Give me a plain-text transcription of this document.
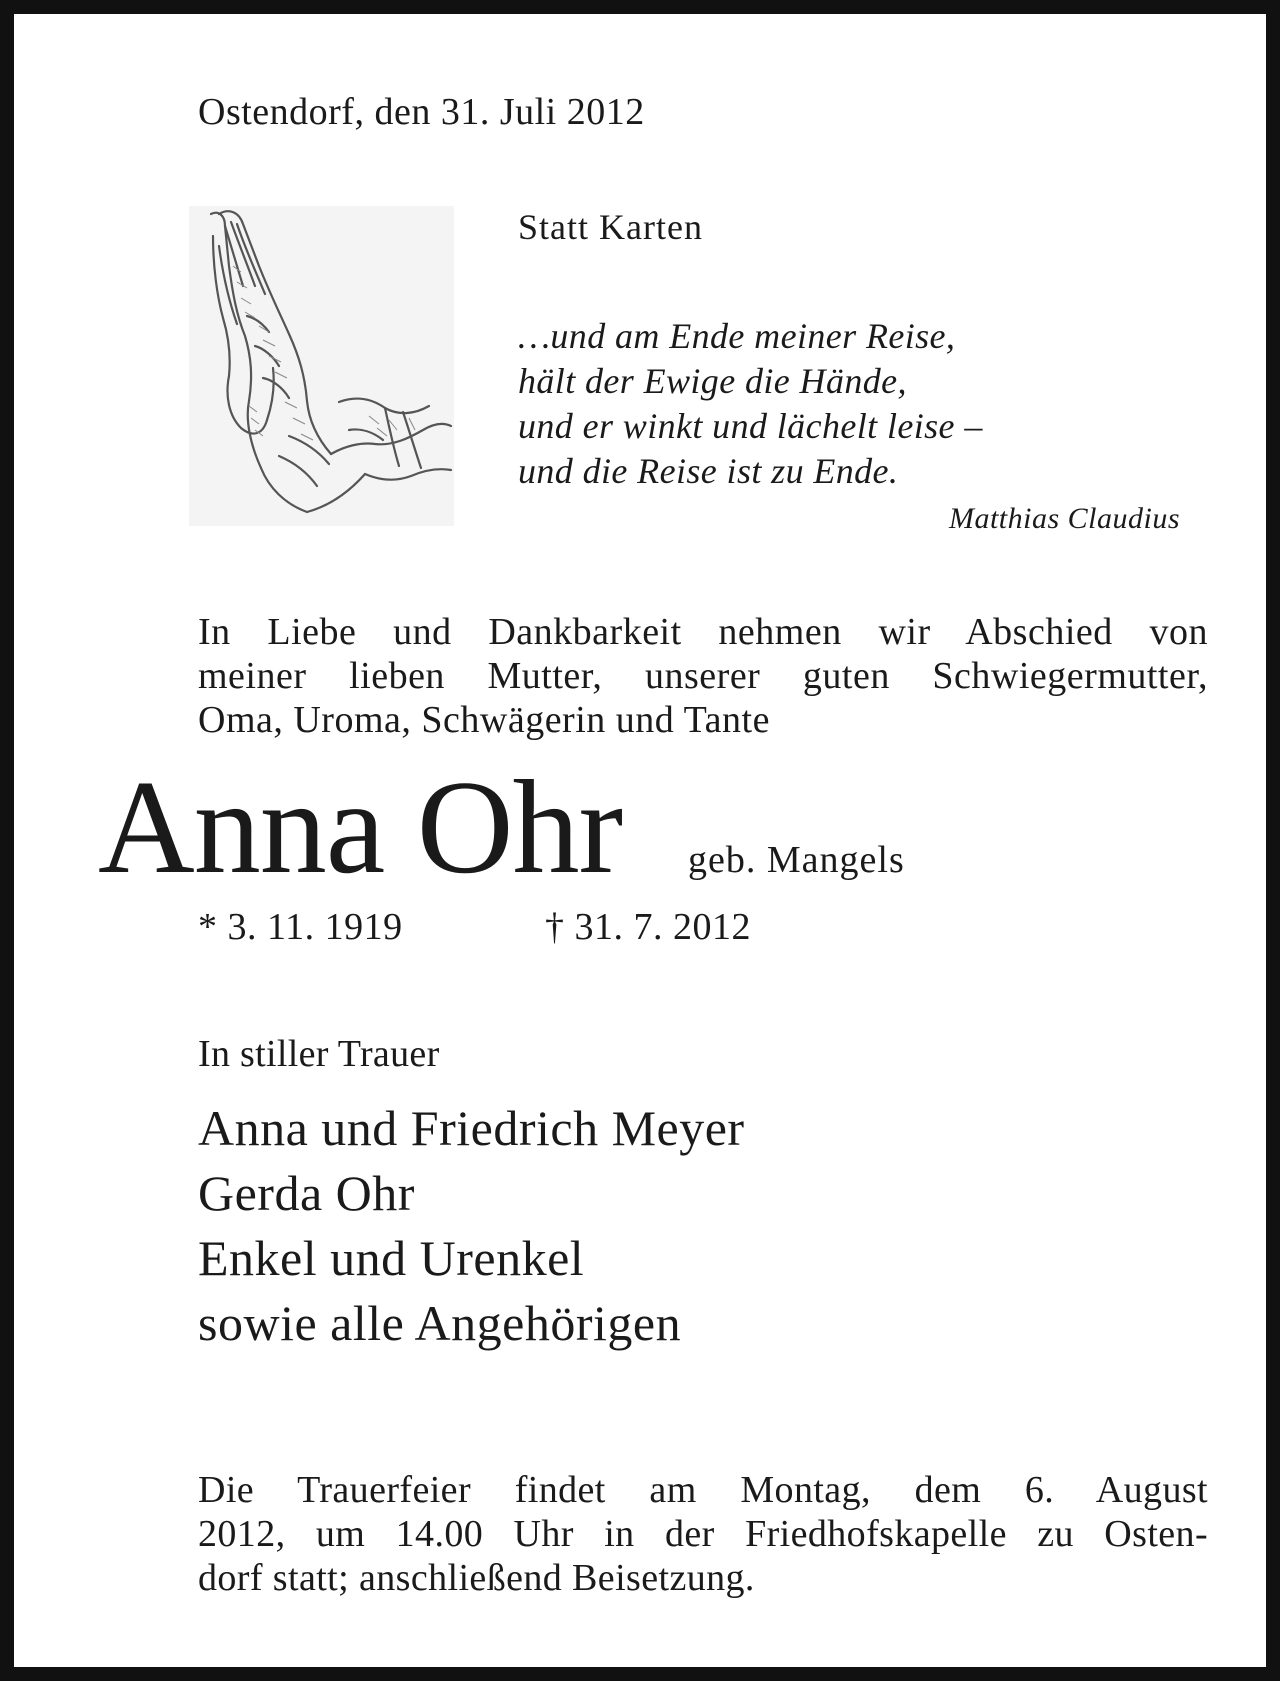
Ostendorf, den 31. Juli 2012

Statt Karten

…und am Ende meiner Reise,
hält der Ewige die Hände,
und er winkt und lächelt leise –
und die Reise ist zu Ende.

Matthias Claudius

In Liebe und Dankbarkeit nehmen wir Abschied von
meiner lieben Mutter, unserer guten Schwiegermutter,
Oma, Uroma, Schwägerin und Tante

Anna Ohr geb. Mangels

* 3. 11. 1919	† 31. 7. 2012

In stiller Trauer

Anna und Friedrich Meyer
Gerda Ohr
Enkel und Urenkel
sowie alle Angehörigen
Die Trauerfeier findet am Montag, dem 6. August
2012, um 14.00 Uhr in der Friedhofskapelle zu Osten-
dorf statt; anschließend Beisetzung.
